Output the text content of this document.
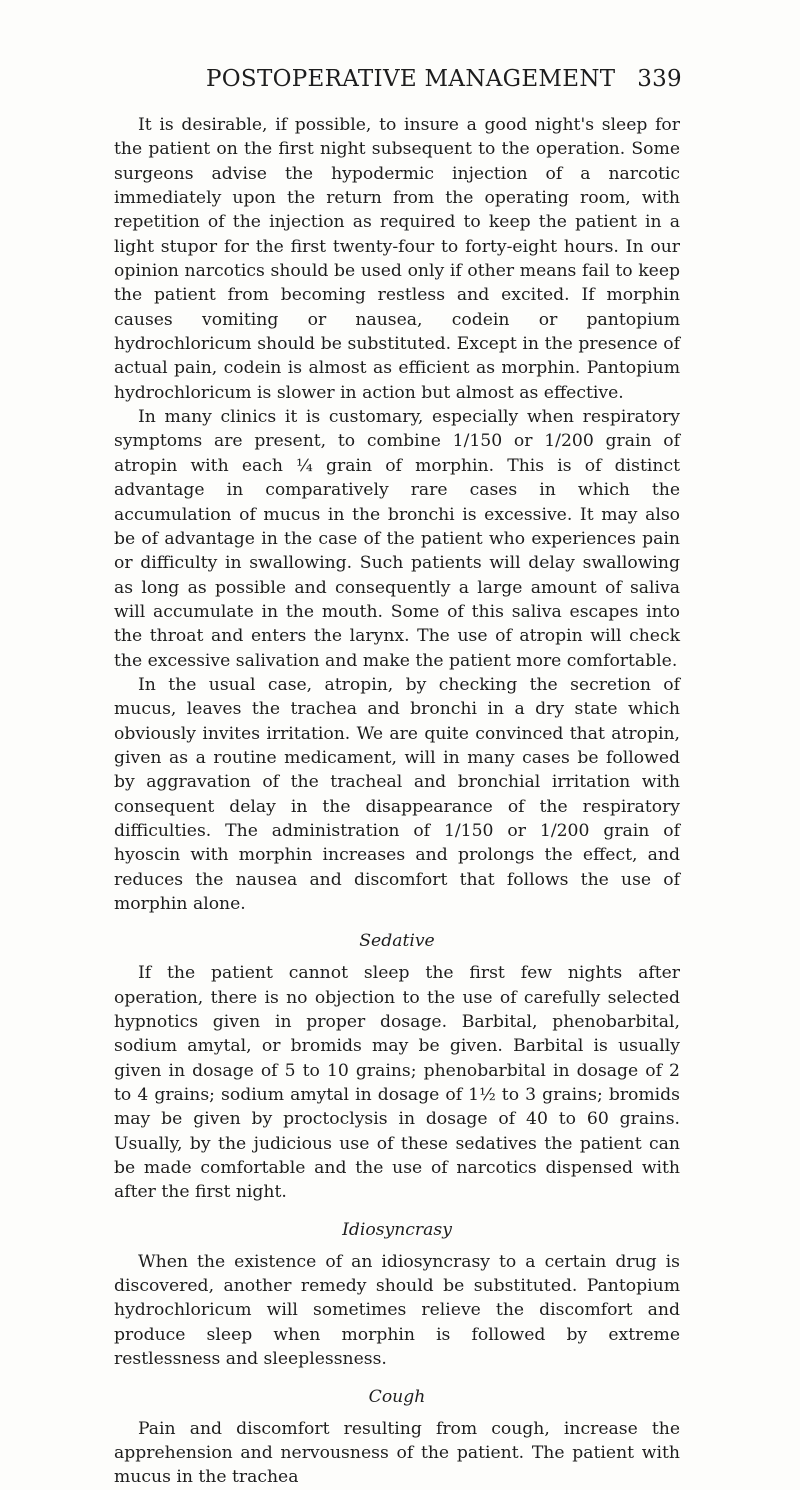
POSTOPERATIVE MANAGEMENT 339

It is desirable, if possible, to insure a good night's sleep for the patient on the first night subsequent to the operation. Some surgeons advise the hypodermic injection of a narcotic immediately upon the return from the operating room, with repetition of the injection as required to keep the patient in a light stupor for the first twenty-four to forty-eight hours. In our opinion narcotics should be used only if other means fail to keep the patient from becoming restless and excited. If morphin causes vomiting or nausea, codein or pantopium hydrochloricum should be substituted. Except in the presence of actual pain, codein is almost as efficient as morphin. Pantopium hydrochloricum is slower in action but almost as effective.

In many clinics it is customary, especially when respiratory symptoms are present, to combine 1/150 or 1/200 grain of atropin with each ¼ grain of morphin. This is of distinct advantage in comparatively rare cases in which the accumulation of mucus in the bronchi is excessive. It may also be of advantage in the case of the patient who experiences pain or difficulty in swallowing. Such patients will delay swallowing as long as possible and consequently a large amount of saliva will accumulate in the mouth. Some of this saliva escapes into the throat and enters the larynx. The use of atropin will check the excessive salivation and make the patient more comfortable.

In the usual case, atropin, by checking the secretion of mucus, leaves the trachea and bronchi in a dry state which obviously invites irritation. We are quite convinced that atropin, given as a routine medicament, will in many cases be followed by aggravation of the tracheal and bronchial irritation with consequent delay in the disappearance of the respiratory difficulties. The administration of 1/150 or 1/200 grain of hyoscin with morphin increases and prolongs the effect, and reduces the nausea and discomfort that follows the use of morphin alone.

Sedative

If the patient cannot sleep the first few nights after operation, there is no objection to the use of carefully selected hypnotics given in proper dosage. Barbital, phenobarbital, sodium amytal, or bromids may be given. Barbital is usually given in dosage of 5 to 10 grains; phenobarbital in dosage of 2 to 4 grains; sodium amytal in dosage of 1½ to 3 grains; bromids may be given by proctoclysis in dosage of 40 to 60 grains. Usually, by the judicious use of these sedatives the patient can be made comfortable and the use of narcotics dispensed with after the first night.

Idiosyncrasy

When the existence of an idiosyncrasy to a certain drug is discovered, another remedy should be substituted. Pantopium hydrochloricum will sometimes relieve the discomfort and produce sleep when morphin is followed by extreme restlessness and sleeplessness.

Cough

Pain and discomfort resulting from cough, increase the apprehension and nervousness of the patient. The patient with mucus in the trachea
